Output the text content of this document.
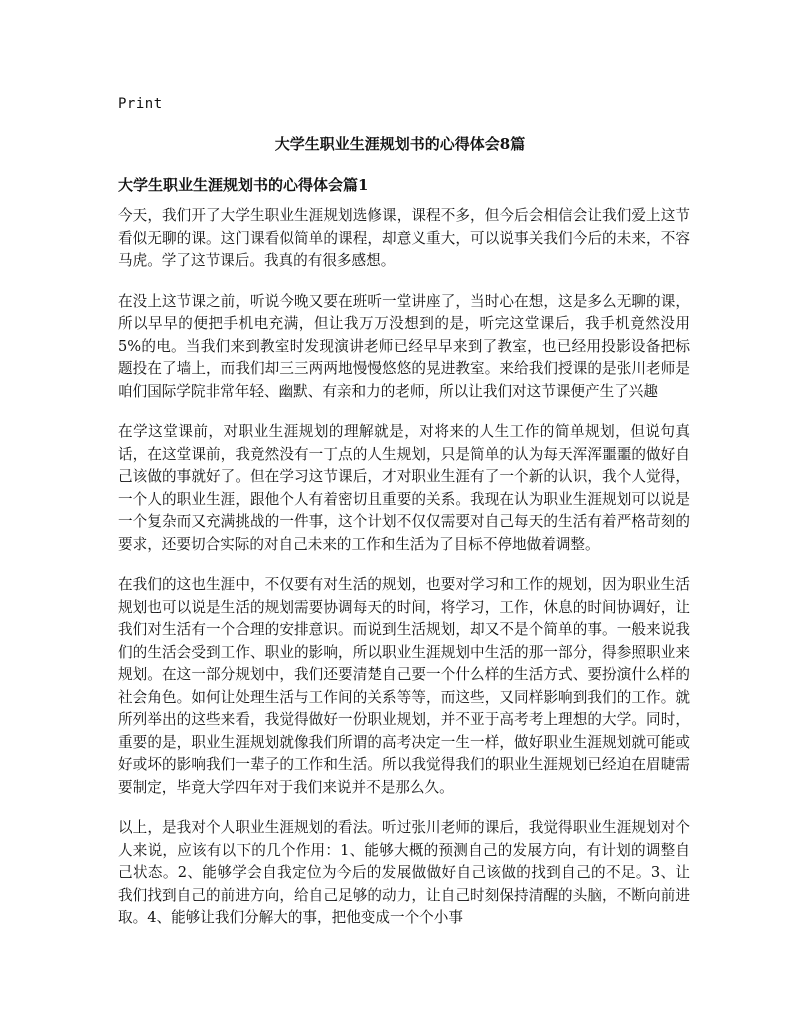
Print
大学生职业生涯规划书的心得体会8篇
大学生职业生涯规划书的心得体会篇1

今天，我们开了大学生职业生涯规划选修课，课程不多，但今后会相信会让我们爱上这节看似无聊的课。这门课看似简单的课程，却意义重大，可以说事关我们今后的未来，不容马虎。学了这节课后。我真的有很多感想。

在没上这节课之前，听说今晚又要在班听一堂讲座了，当时心在想，这是多么无聊的课，所以早早的便把手机电充满，但让我万万没想到的是，听完这堂课后，我手机竟然没用5%的电。当我们来到教室时发现演讲老师已经早早来到了教室，也已经用投影设备把标题投在了墙上，而我们却三三两两地慢慢悠悠的晃进教室。来给我们授课的是张川老师是咱们国际学院非常年轻、幽默、有亲和力的老师，所以让我们对这节课便产生了兴趣

在学这堂课前，对职业生涯规划的理解就是，对将来的人生工作的简单规划，但说句真话，在这堂课前，我竟然没有一丁点的人生规划，只是简单的认为每天浑浑噩噩的做好自己该做的事就好了。但在学习这节课后，才对职业生涯有了一个新的认识，我个人觉得，一个人的职业生涯，跟他个人有着密切且重要的关系。我现在认为职业生涯规划可以说是一个复杂而又充满挑战的一件事，这个计划不仅仅需要对自己每天的生活有着严格苛刻的要求，还要切合实际的对自己未来的工作和生活为了目标不停地做着调整。

在我们的这也生涯中，不仅要有对生活的规划，也要对学习和工作的规划，因为职业生活规划也可以说是生活的规划需要协调每天的时间，将学习，工作，休息的时间协调好，让我们对生活有一个合理的安排意识。而说到生活规划，却又不是个简单的事。一般来说我们的生活会受到工作、职业的影响，所以职业生涯规划中生活的那一部分，得参照职业来规划。在这一部分规划中，我们还要清楚自己要一个什么样的生活方式、要扮演什么样的社会角色。如何让处理生活与工作间的关系等等，而这些，又同样影响到我们的工作。就所列举出的这些来看，我觉得做好一份职业规划，并不亚于高考考上理想的大学。同时，重要的是，职业生涯规划就像我们所谓的高考决定一生一样，做好职业生涯规划就可能或好或坏的影响我们一辈子的工作和生活。所以我觉得我们的职业生涯规划已经迫在眉睫需要制定，毕竟大学四年对于我们来说并不是那么久。

以上，是我对个人职业生涯规划的看法。听过张川老师的课后，我觉得职业生涯规划对个人来说，应该有以下的几个作用：1、能够大概的预测自己的发展方向，有计划的调整自己状态。2、能够学会自我定位为今后的发展做做好自己该做的找到自己的不足。3、让我们找到自己的前进方向，给自己足够的动力，让自己时刻保持清醒的头脑，不断向前进取。4、能够让我们分解大的事，把他变成一个个小事
